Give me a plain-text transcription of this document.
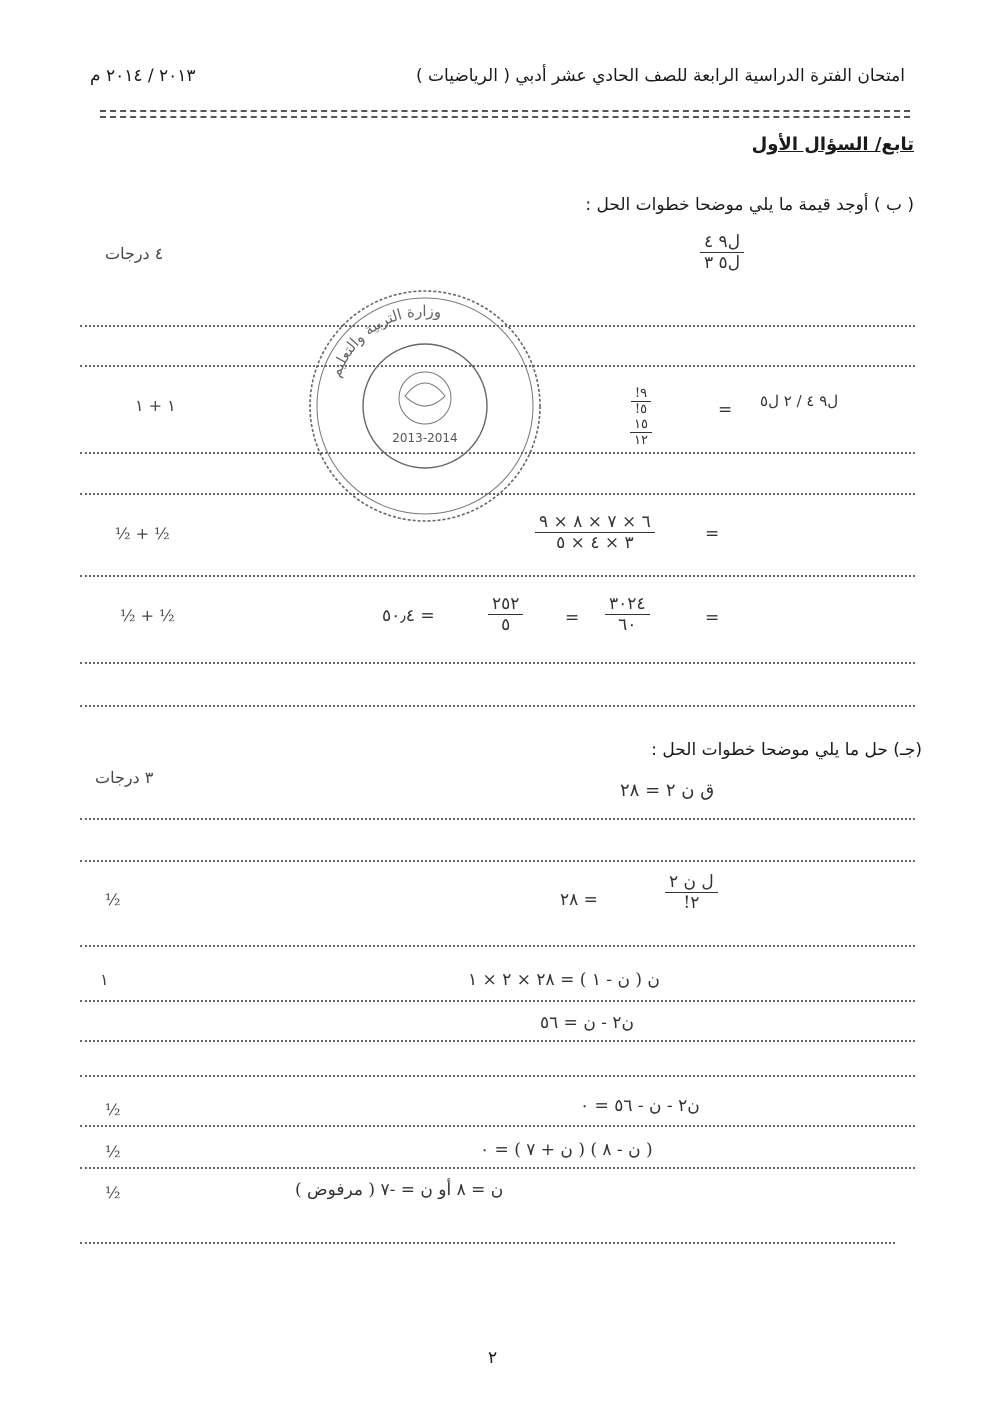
امتحان الفترة الدراسية الرابعة للصف الحادي عشر أدبي ( الرياضيات )
٢٠١٣ / ٢٠١٤ م
تابع/ السؤال الأول
( ب ) أوجد قيمة ما يلي موضحا خطوات الحل :
٤ درجات	$\frac{\text{ل٩ ٤}}{\text{ل٥ ٣}}$
وزارة التربية والتعليم
2013-2014
١ + ١
٩!
٥!
١٥
١٢
= ل٩ ٤ / ٢ ل٥
½ + ½	$\frac{٦ \times ٧ \times ٨ \times ٩}{٣ \times ٤ \times ٥}$	=
½ + ½	= ٥٠٫٤	$\frac{٢٥٢}{٥} = \frac{٣٠٢٤}{٦٠}$	=
(جـ) حل ما يلي موضحا خطوات الحل :
٣ درجات
ق ن ٢ = ٢٨
½	= ٢٨	$\frac{\text{ل ن ٢}}{٢!}$
١	ن ( ن - ١ ) = ٢٨ × ٢ × ١
ن٢ - ن = ٥٦
½	ن٢ - ن - ٥٦ = ٠
½	( ن - ٨ ) ( ن + ٧ ) = ٠
½	ن = ٨ أو ن = -٧ ( مرفوض )
٢
